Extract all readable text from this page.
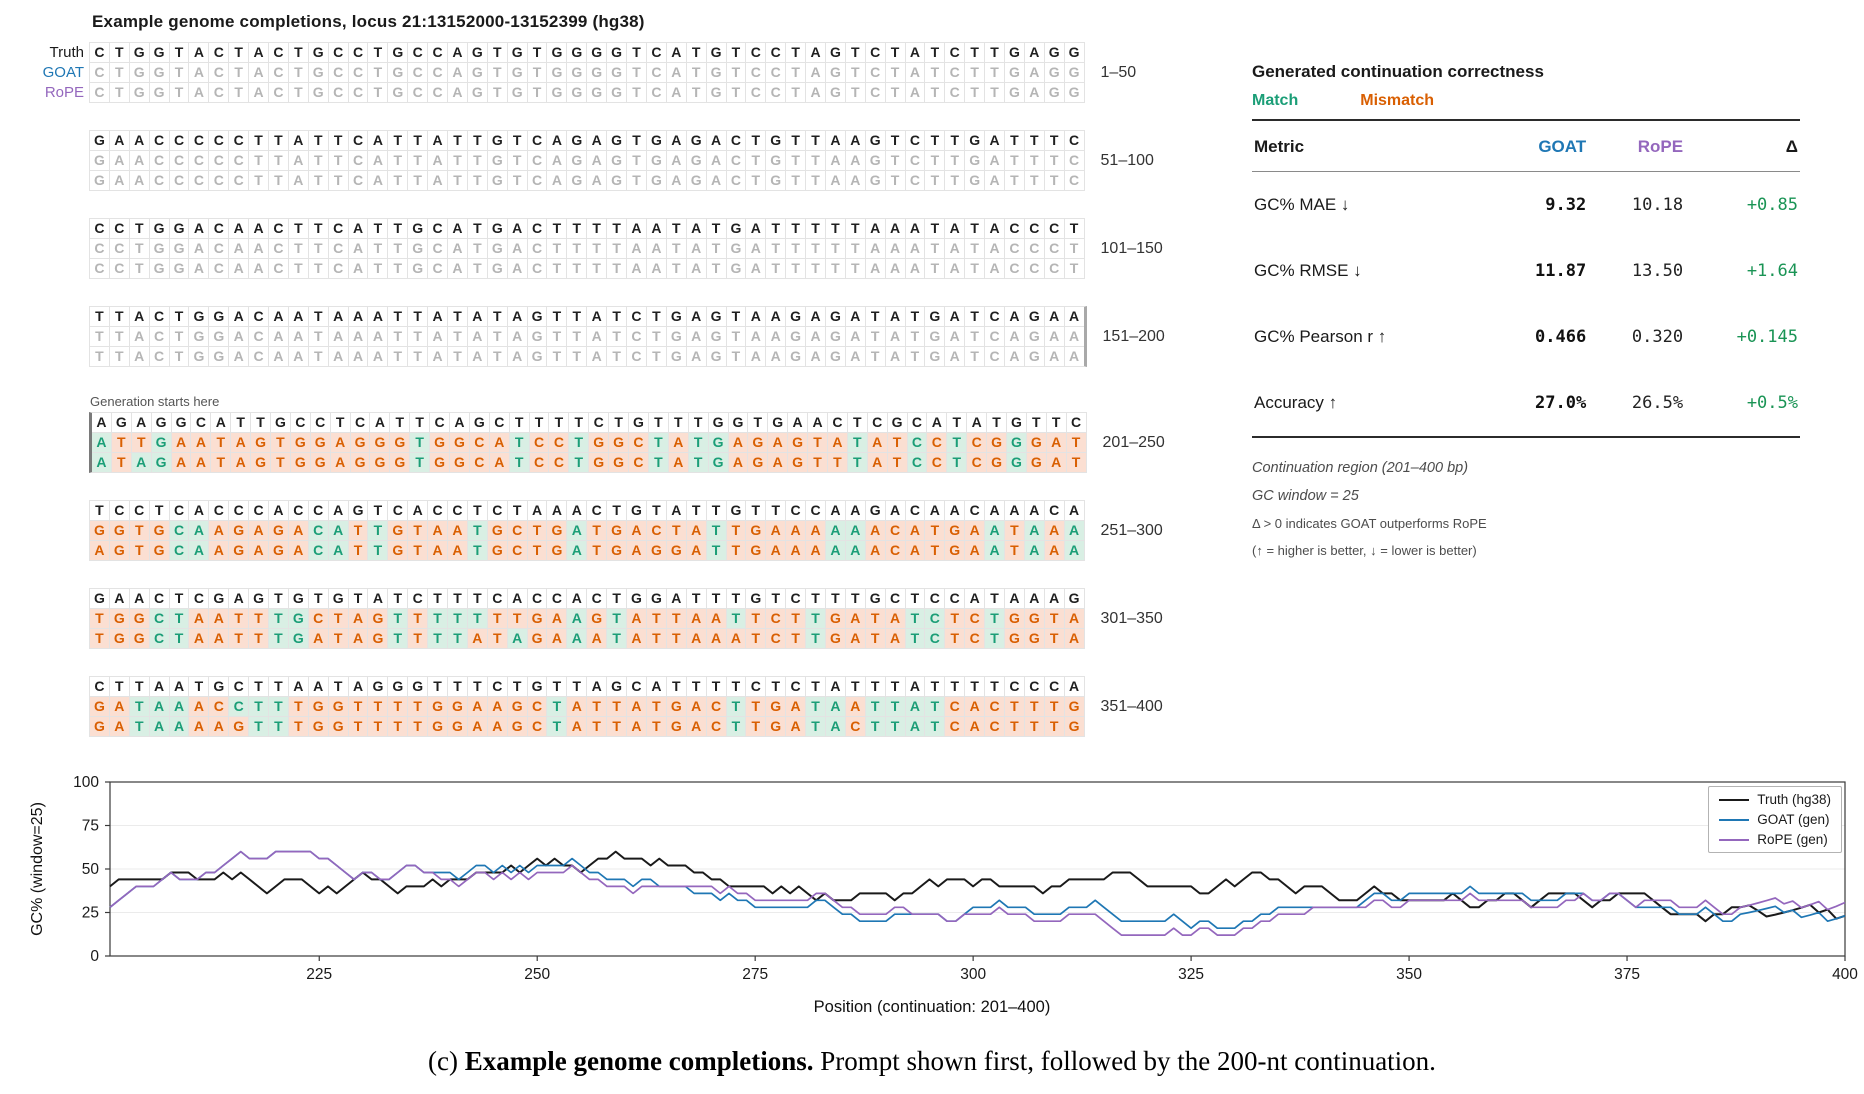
Example genome completions, locus 21:13152000-13152399 (hg38)
Truth
GOAT
RoPE
C T G G T A C T A C T G C C T G C C A G T G T G G G G T C A T G T C C T A G T C T A T C T T G A G G
C T G G T A C T A C T G C C T G C C A G T G T G G G G T C A T G T C C T A G T C T A T C T T G A G G
C T G G T A C T A C T G C C T G C C A G T G T G G G G T C A T G T C C T A G T C T A T C T T G A G G
1–50
G A A C C C C C T T A T T C A T T A T T G T C A G A G T G A G A C T G T T A A G T C T T G A T T T C
G A A C C C C C T T A T T C A T T A T T G T C A G A G T G A G A C T G T T A A G T C T T G A T T T C
G A A C C C C C T T A T T C A T T A T T G T C A G A G T G A G A C T G T T A A G T C T T G A T T T C
51–100
C C T G G A C A A C T T C A T T G C A T G A C T T T T A A T A T G A T T T T T A A A T A T A C C C T
C C T G G A C A A C T T C A T T G C A T G A C T T T T A A T A T G A T T T T T A A A T A T A C C C T
C C T G G A C A A C T T C A T T G C A T G A C T T T T A A T A T G A T T T T T A A A T A T A C C C T
101–150
T T A C T G G A C A A T A A A T T A T A T A G T T A T C T G A G T A A G A G A T A T G A T C A G A A
T T A C T G G A C A A T A A A T T A T A T A G T T A T C T G A G T A A G A G A T A T G A T C A G A A
T T A C T G G A C A A T A A A T T A T A T A G T T A T C T G A G T A A G A G A T A T G A T C A G A A
151–200
Generation starts here
A G A G G C A T T G C C T C A T T C A G C T T T T C T G T T T G G T G A A C T C G C A T A T G T T C
A T T G A A T A G T G G A G G G T G G C A T C C T G G C T A T G A G A G T A T A T C C T C G G G A T
A T A G A A T A G T G G A G G G T G G C A T C C T G G C T A T G A G A G T T T A T C C T C G G G A T
201–250
T C C T C A C C C A C C A G T C A C C T C T A A A C T G T A T T G T T C C A A G A C A A C A A A C A
G G T G C A A G A G A C A T T G T A A T G C T G A T G A C T A T T G A A A A A A C A T G A A T A A A
A G T G C A A G A G A C A T T G T A A T G C T G A T G A G G A T T G A A A A A A C A T G A A T A A A
251–300
G A A C T C G A G T G T G T A T C T T T C A C C A C T G G A T T T G T C T T T G C T C C A T A A A G
T G G C T A A T T T G C T A G T T T T T T T G A A G T A T T A A T T C T T G A T A T C T C T G G T A
T G G C T A A T T T G A T A G T T T T A T A G A A A T A T T A A A T C T T G A T A T C T C T G G T A
301–350
C T T A A T G C T T A A T A G G G T T T C T G T T A G C A T T T T C T C T A T T T A T T T T C C C A
G A T A A A C C T T T G G T T T T G G A A G C T A T T A T G A C T T G A T A A T T A T C A C T T T G
G A T A A A A G T T T G G T T T T G G A A G C T A T T A T G A C T T G A T A C T T A T C A C T T T G
351–400
Generated continuation correctness
Match	Mismatch
Metric	GOAT	RoPE	Δ
GC% MAE ↓	9.32	10.18	+0.85
GC% RMSE ↓	11.87	13.50	+1.64
GC% Pearson r ↑	0.466	0.320	+0.145
Accuracy ↑	27.0%	26.5%	+0.5%
Continuation region (201–400 bp)
GC window = 25
Δ > 0 indicates GOAT outperforms RoPE
(↑ = higher is better, ↓ = lower is better)
225	250	275	300	325	350	375	400
0
25
50
75
100
GC% (window=25)
Position (continuation: 201–400)
Truth (hg38)
GOAT (gen)
RoPE (gen)
(c) Example genome completions. Prompt shown first, followed by the 200-nt continuation.
